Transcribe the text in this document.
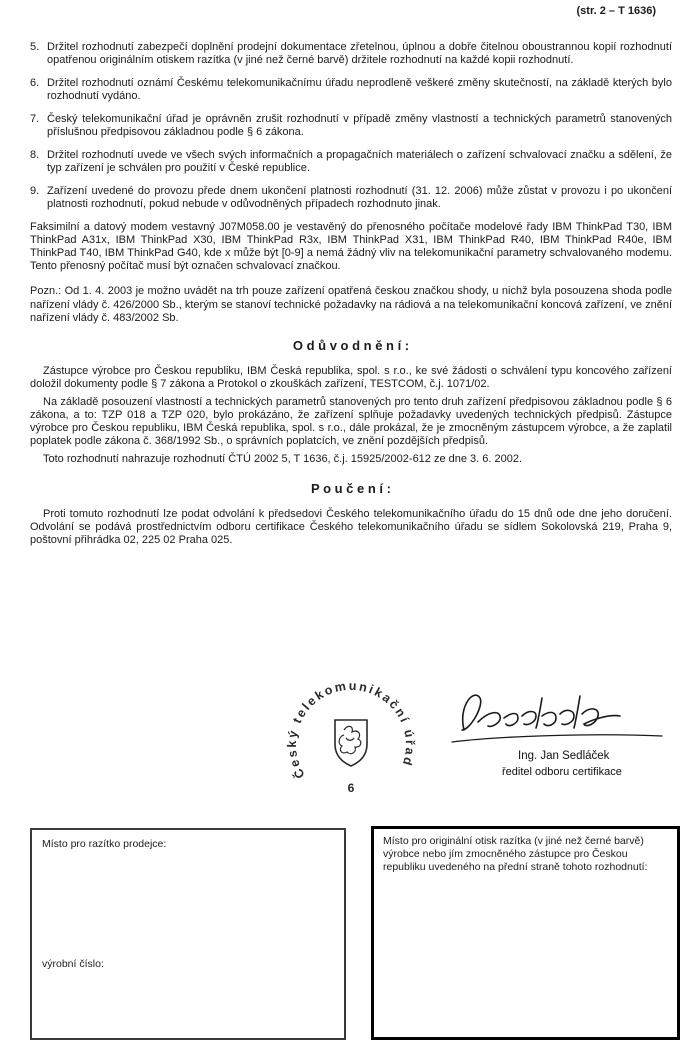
(str. 2 – T 1636)
5. Držitel rozhodnutí zabezpečí doplnění prodejní dokumentace zřetelnou, úplnou a dobře čitelnou oboustrannou kopií rozhodnutí opatřenou originálním otiskem razítka (v jiné než černé barvě) držitele rozhodnutí na každé kopii rozhodnutí.
6. Držitel rozhodnutí oznámí Českému telekomunikačnímu úřadu neprodleně veškeré změny skutečností, na základě kterých bylo rozhodnutí vydáno.
7. Český telekomunikační úřad je oprávněn zrušit rozhodnutí v případě změny vlastností a technických parametrů stanovených příslušnou předpisovou základnou podle § 6 zákona.
8. Držitel rozhodnutí uvede ve všech svých informačních a propagačních materiálech o zařízení schvalovací značku a sdělení, že typ zařízení je schválen pro použití v České republice.
9. Zařízení uvedené do provozu přede dnem ukončení platnosti rozhodnutí (31. 12. 2006) může zůstat v provozu i po ukončení platnosti rozhodnutí, pokud nebude v odůvodněných případech rozhodnuto jinak.
Faksimilní a datový modem vestavný J07M058.00 je vestavěný do přenosného počítače modelové řady IBM ThinkPad T30, IBM ThinkPad A31x, IBM ThinkPad X30, IBM ThinkPad R3x, IBM ThinkPad X31, IBM ThinkPad R40, IBM ThinkPad R40e, IBM ThinkPad T40, IBM ThinkPad G40, kde x může být [0-9] a nemá žádný vliv na telekomunikační parametry schvalovaného modemu. Tento přenosný počítač musí být označen schvalovací značkou.
Pozn.: Od 1. 4. 2003 je možno uvádět na trh pouze zařízení opatřená českou značkou shody, u nichž byla posouzena shoda podle nařízení vlády č. 426/2000 Sb., kterým se stanoví technické požadavky na rádiová a na telekomunikační koncová zařízení, ve znění nařízení vlády č. 483/2002 Sb.
O d ů v o d n ě n í :
Zástupce výrobce pro Českou republiku, IBM Česká republika, spol. s r.o., ke své žádosti o schválení typu koncového zařízení doložil dokumenty podle § 7 zákona a Protokol o zkouškách zařízení, TESTCOM, č.j. 1071/02.
Na základě posouzení vlastností a technických parametrů stanovených pro tento druh zařízení předpisovou základnou podle § 6 zákona, a to: TZP 018 a TZP 020, bylo prokázáno, že zařízení splňuje požadavky uvedených technických předpisů. Zástupce výrobce pro Českou republiku, IBM Česká republika, spol. s r.o., dále prokázal, že je zmocněným zástupcem výrobce, a že zaplatil poplatek podle zákona č. 368/1992 Sb., o správních poplatcích, ve znění pozdějších předpisů.
Toto rozhodnutí nahrazuje rozhodnutí ČTÚ 2002 5, T 1636, č.j. 15925/2002-612 ze dne 3. 6. 2002.
P o u č e n í :
Proti tomuto rozhodnutí lze podat odvolání k předsedovi Českého telekomunikačního úřadu do 15 dnů ode dne jeho doručení. Odvolání se podává prostřednictvím odboru certifikace Českého telekomunikačního úřadu se sídlem Sokolovská 219, Praha 9, poštovní přihrádka 02, 225 02 Praha 025.
Český telekomunikační úřad
6
Ing. Jan Sedláček
ředitel odboru certifikace
Místo pro razítko prodejce:
výrobní číslo:
Místo pro originální otisk razítka (v jiné než černé barvě) výrobce nebo jím zmocněného zástupce pro Českou republiku uvedeného na přední straně tohoto rozhodnutí:
